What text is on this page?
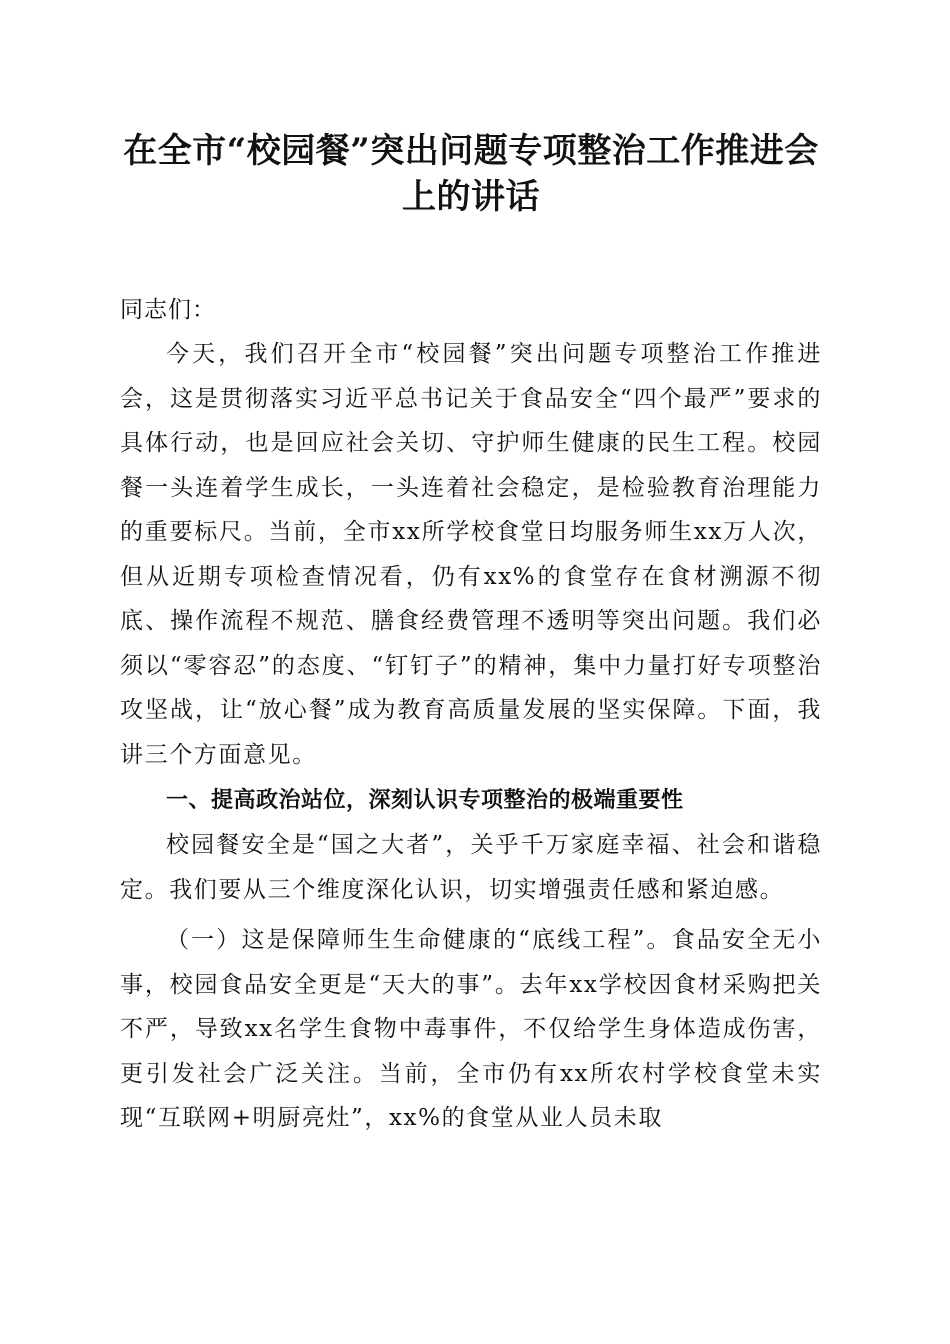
在全市“校园餐”突出问题专项整治工作推进会上的讲话

同志们：

今天，我们召开全市“校园餐”突出问题专项整治工作推进会，这是贯彻落实习近平总书记关于食品安全“四个最严”要求的具体行动，也是回应社会关切、守护师生健康的民生工程。校园餐一头连着学生成长，一头连着社会稳定，是检验教育治理能力的重要标尺。当前，全市xx所学校食堂日均服务师生xx万人次，但从近期专项检查情况看，仍有xx%的食堂存在食材溯源不彻底、操作流程不规范、膳食经费管理不透明等突出问题。我们必须以“零容忍”的态度、“钉钉子”的精神，集中力量打好专项整治攻坚战，让“放心餐”成为教育高质量发展的坚实保障。下面，我讲三个方面意见。

一、提高政治站位，深刻认识专项整治的极端重要性

校园餐安全是“国之大者”，关乎千万家庭幸福、社会和谐稳定。我们要从三个维度深化认识，切实增强责任感和紧迫感。

（一）这是保障师生生命健康的“底线工程”。食品安全无小事，校园食品安全更是“天大的事”。去年xx学校因食材采购把关不严，导致xx名学生食物中毒事件，不仅给学生身体造成伤害，更引发社会广泛关注。当前，全市仍有xx所农村学校食堂未实现“互联网+明厨亮灶”，xx%的食堂从业人员未取
